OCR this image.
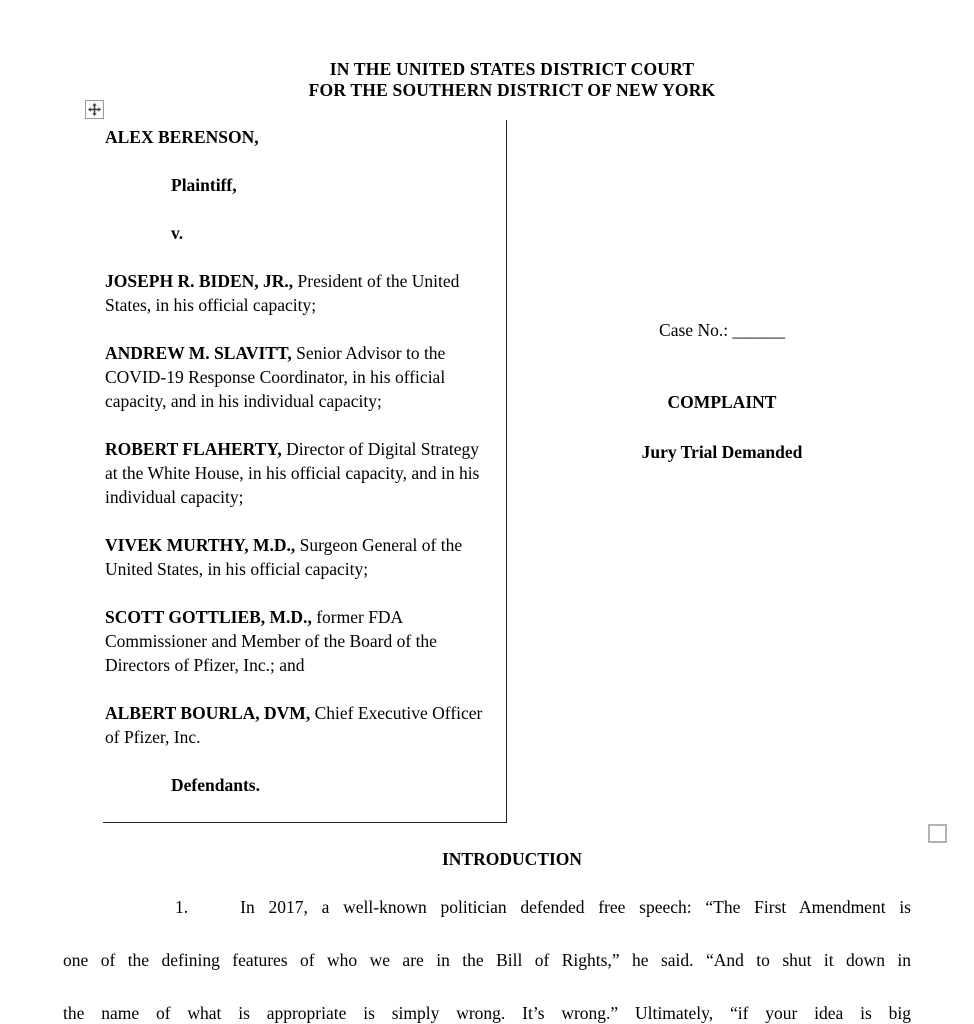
IN THE UNITED STATES DISTRICT COURT
FOR THE SOUTHERN DISTRICT OF NEW YORK

ALEX BERENSON,

Plaintiff,

v.

JOSEPH R. BIDEN, JR., President of the United States, in his official capacity;

ANDREW M. SLAVITT, Senior Advisor to the COVID-19 Response Coordinator, in his official capacity, and in his individual capacity;

ROBERT FLAHERTY, Director of Digital Strategy at the White House, in his official capacity, and in his individual capacity;

VIVEK MURTHY, M.D., Surgeon General of the United States, in his official capacity;

SCOTT GOTTLIEB, M.D., former FDA Commissioner and Member of the Board of the Directors of Pfizer, Inc.; and

ALBERT BOURLA, DVM, Chief Executive Officer of Pfizer, Inc.

Defendants.

Case No.: ______

COMPLAINT

Jury Trial Demanded

INTRODUCTION
1.	In 2017, a well-known politician defended free speech: “The First Amendment is
one of the defining features of who we are in the Bill of Rights,” he said. “And to shut it down in
the name of what is appropriate is simply wrong. It’s wrong.” Ultimately, “if your idea is big
